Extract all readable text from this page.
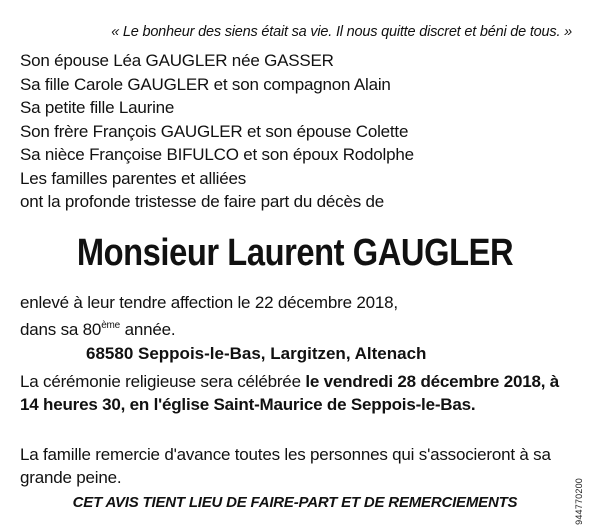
« Le bonheur des siens était sa vie. Il nous quitte discret et béni de tous. »
Son épouse Léa GAUGLER née GASSER
Sa fille Carole GAUGLER et son compagnon Alain
Sa petite fille Laurine
Son frère François GAUGLER et son épouse Colette
Sa nièce Françoise BIFULCO et son époux Rodolphe
Les familles parentes et alliées
ont la profonde tristesse de faire part du décès de
Monsieur Laurent GAUGLER
enlevé à leur tendre affection le 22 décembre 2018,
dans sa 80ème année.
68580 Seppois-le-Bas, Largitzen, Altenach
La cérémonie religieuse sera célébrée le vendredi 28 décembre 2018, à 14 heures 30, en l'église Saint-Maurice de Seppois-le-Bas.
La famille remercie d'avance toutes les personnes qui s'associeront à sa grande peine.
CET AVIS TIENT LIEU DE FAIRE-PART ET DE REMERCIEMENTS	944770200
